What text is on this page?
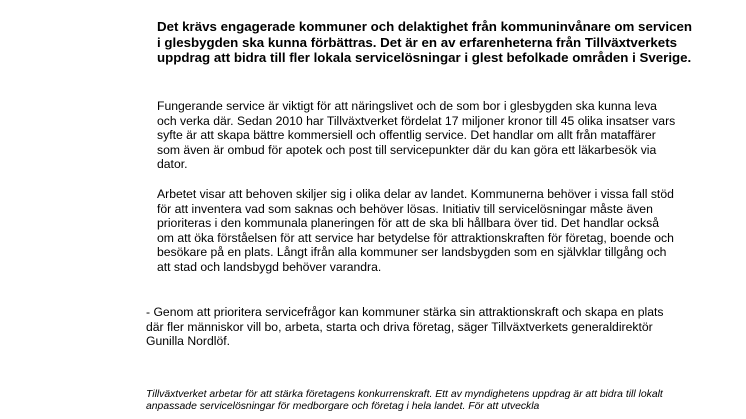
Det krävs engagerade kommuner och delaktighet från kommuninvånare om servicen i glesbygden ska kunna förbättras. Det är en av erfarenheterna från Tillväxtverkets uppdrag att bidra till fler lokala servicelösningar i glest befolkade områden i Sverige.

Fungerande service är viktigt för att näringslivet och de som bor i glesbygden ska kunna leva och verka där. Sedan 2010 har Tillväxtverket fördelat 17 miljoner kronor till 45 olika insatser vars syfte är att skapa bättre kommersiell och offentlig service. Det handlar om allt från mataffärer som även är ombud för apotek och post till servicepunkter där du kan göra ett läkarbesök via dator.

Arbetet visar att behoven skiljer sig i olika delar av landet. Kommunerna behöver i vissa fall stöd för att inventera vad som saknas och behöver lösas. Initiativ till servicelösningar måste även prioriteras i den kommunala planeringen för att de ska bli hållbara över tid. Det handlar också om att öka förståelsen för att service har betydelse för attraktionskraften för företag, boende och besökare på en plats. Långt ifrån alla kommuner ser landsbygden som en självklar tillgång och att stad och landsbygd behöver varandra.

- Genom att prioritera servicefrågor kan kommuner stärka sin attraktionskraft och skapa en plats där fler människor vill bo, arbeta, starta och driva företag, säger Tillväxtverkets generaldirektör Gunilla Nordlöf.

Tillväxtverket arbetar för att stärka företagens konkurrenskraft. Ett av myndighetens uppdrag är att bidra till lokalt anpassade servicelösningar för medborgare och företag i hela landet. För att utveckla
